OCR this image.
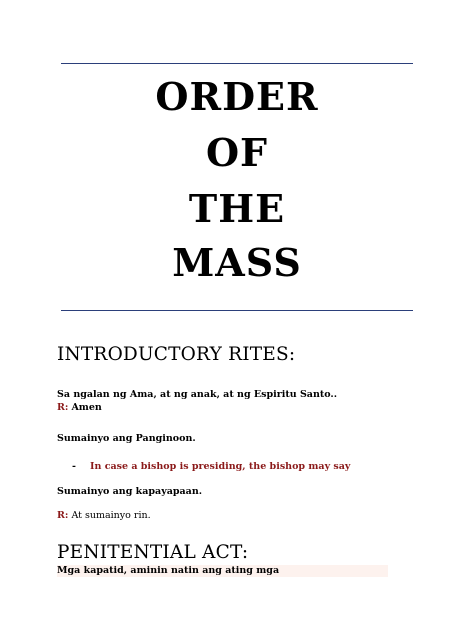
ORDER
OF
THE
MASS
INTRODUCTORY RITES:
Sa ngalan ng Ama, at ng anak, at ng Espiritu Santo..
R: Amen
Sumainyo ang Panginoon.
- In case a bishop is presiding, the bishop may say
Sumainyo ang kapayapaan.
R: At sumainyo rin.
PENITENTIAL ACT:
Mga kapatid, aminin natin ang ating mga
